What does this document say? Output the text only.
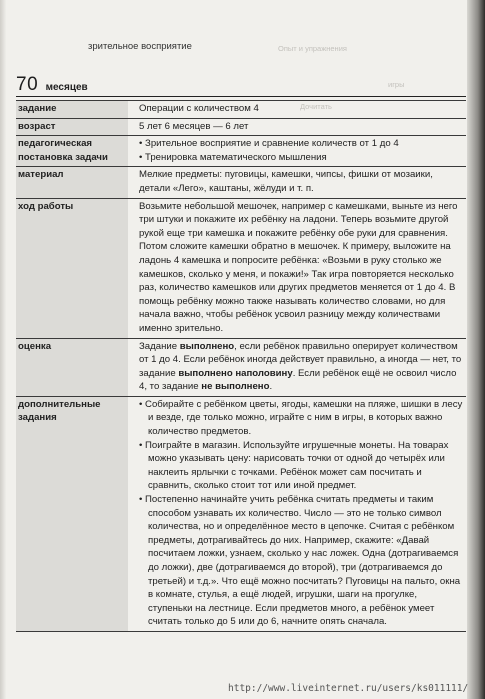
зрительное восприятие
игры
Дочитать
Опыт и упражнения
70 месяцев
задание		Операции с количеством 4
возраст		5 лет 6 месяцев — 6 лет
педагогическая постановка задачи		• Зрительное восприятие и сравнение количеств от 1 до 4
• Тренировка математического мышления

материал		Мелкие предметы: пуговицы, камешки, чипсы, фишки от мозаики, детали «Лего», каштаны, жёлуди и т. п.
ход работы		Возьмите небольшой мешочек, например с камешками, выньте из него три штуки и покажите их ребёнку на ладони. Теперь возьмите другой рукой еще три камешка и покажите ребёнку обе руки для сравнения. Потом сложите камешки обратно в мешочек. К примеру, выложите на ладонь 4 камешка и попросите ребёнка: «Возьми в руку столько же камешков, сколько у меня, и покажи!» Так игра повторяется несколько раз, количество камешков или других предметов меняется от 1 до 4. В помощь ребёнку можно также называть количество словами, но для начала важно, чтобы ребёнок усвоил разницу между количествами именно зрительно.
оценка		Задание выполнено, если ребёнок правильно оперирует количеством от 1 до 4. Если ребёнок иногда действует правильно, а иногда — нет, то задание выполнено наполовину. Если ребёнок ещё не освоил число 4, то задание не выполнено.
дополнительные задания		• Собирайте с ребёнком цветы, ягоды, камешки на пляже, шишки в лесу и везде, где только можно, играйте с ним в игры, в которых важно количество предметов.
• Поиграйте в магазин. Используйте игрушечные монеты. На товарах можно указывать цену: нарисовать точки от одной до четырёх или наклеить ярлычки с точками. Ребёнок может сам посчитать и сравнить, сколько стоит тот или иной предмет.
• Постепенно начинайте учить ребёнка считать предметы и таким способом узнавать их количество. Число — это не только символ количества, но и определённое место в цепочке. Считая с ребёнком предметы, дотрагивайтесь до них. Например, скажите: «Давай посчитаем ложки, узнаем, сколько у нас ложек. Одна (дотрагиваемся до ложки), две (дотрагиваемся до второй), три (дотрагиваемся до третьей) и т.д.». Что ещё можно посчитать? Пуговицы на пальто, окна в комнате, стулья, а ещё людей, игрушки, шаги на прогулке, ступеньки на лестнице. Если предметов много, а ребёнок умеет считать только до 5 или до 6, начните опять сначала.
http://www.liveinternet.ru/users/ks011111/
